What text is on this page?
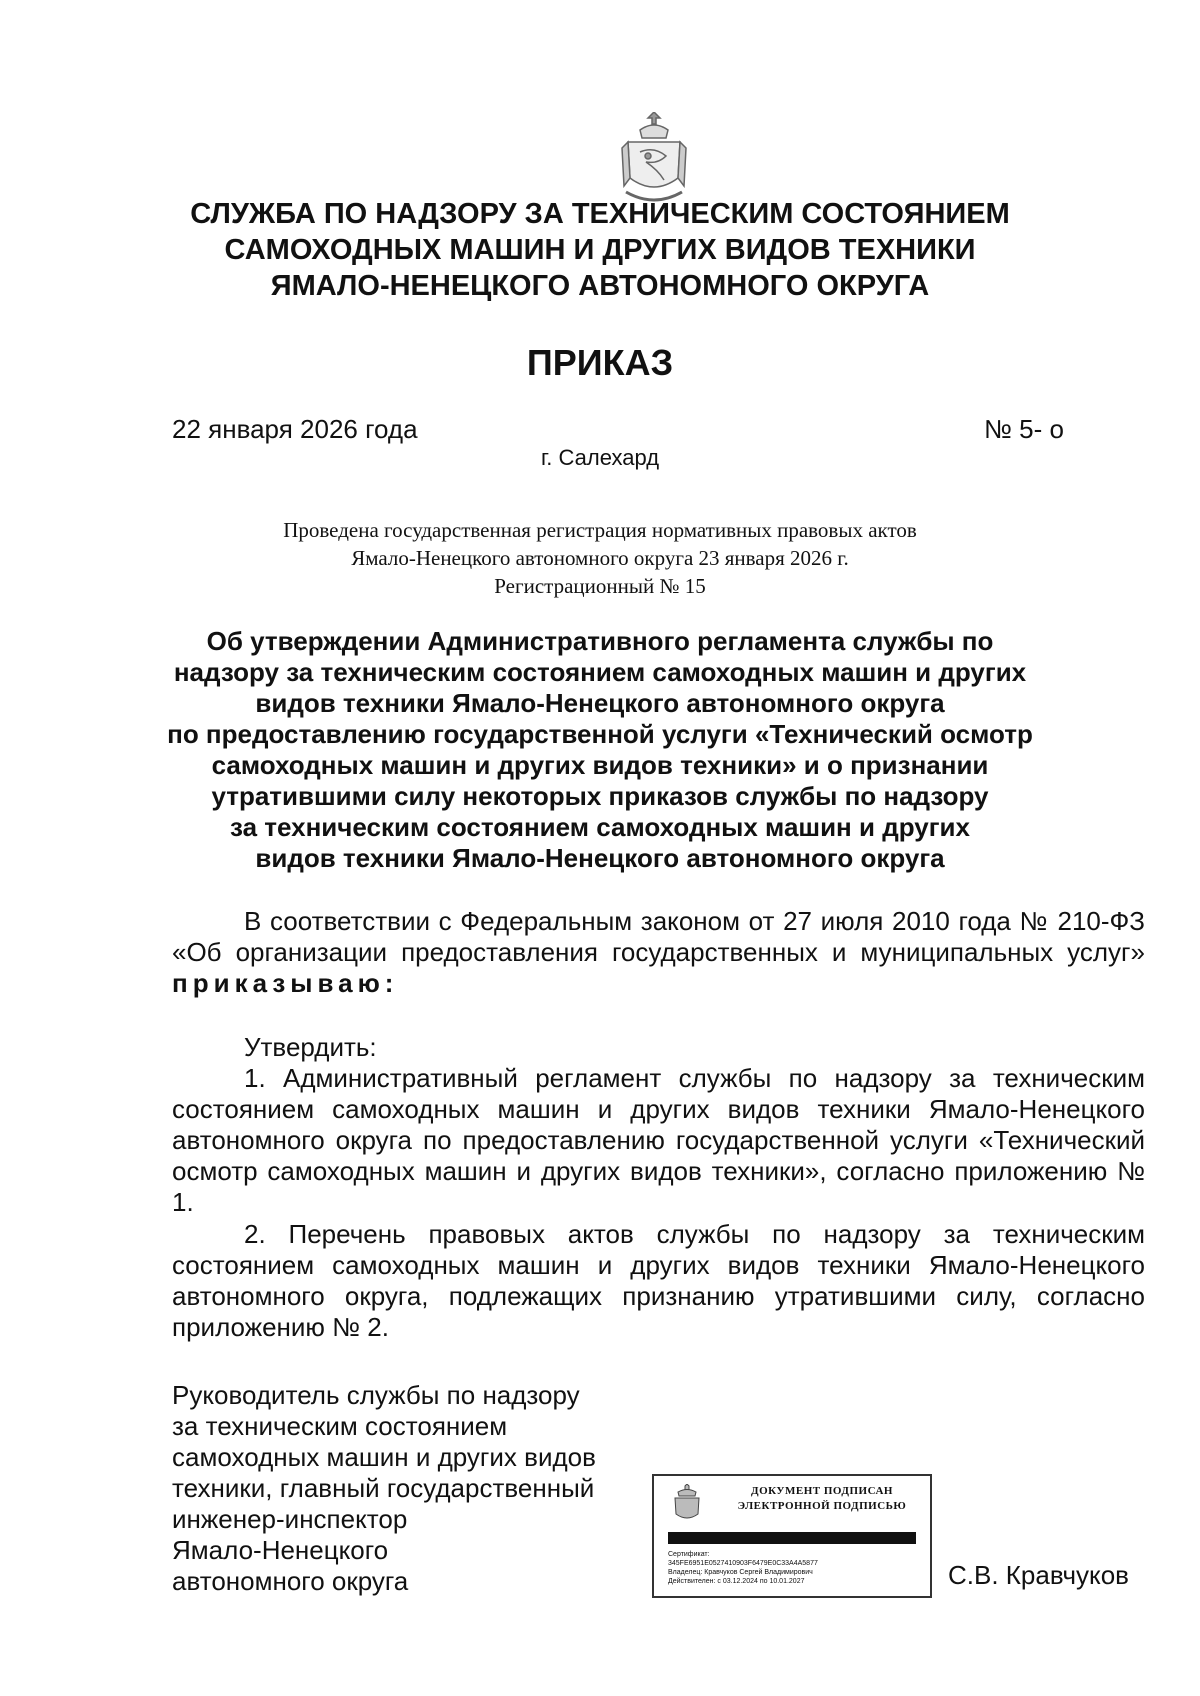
СЛУЖБА ПО НАДЗОРУ ЗА ТЕХНИЧЕСКИМ СОСТОЯНИЕМ
САМОХОДНЫХ МАШИН И ДРУГИХ ВИДОВ ТЕХНИКИ
ЯМАЛО-НЕНЕЦКОГО АВТОНОМНОГО ОКРУГА
ПРИКАЗ
22 января 2026 года	№ 5- о
г. Салехард
Проведена государственная регистрация нормативных правовых актов
Ямало-Ненецкого автономного округа 23 января 2026 г.
Регистрационный № 15
Об утверждении Административного регламента службы по
надзору за техническим состоянием самоходных машин и других
видов техники Ямало-Ненецкого автономного округа
по предоставлению государственной услуги «Технический осмотр
самоходных машин и других видов техники» и о признании
утратившими силу некоторых приказов службы по надзору
за техническим состоянием самоходных машин и других
видов техники Ямало-Ненецкого автономного округа
В соответствии с Федеральным законом от 27 июля 2010 года № 210-ФЗ «Об организации предоставления государственных и муниципальных услуг» приказываю:
Утвердить:
1. Административный регламент службы по надзору за техническим состоянием самоходных машин и других видов техники Ямало-Ненецкого автономного округа по предоставлению государственной услуги «Технический осмотр самоходных машин и других видов техники», согласно приложению № 1.
2. Перечень правовых актов службы по надзору за техническим состоянием самоходных машин и других видов техники Ямало-Ненецкого автономного округа, подлежащих признанию утратившими силу, согласно приложению № 2.
Руководитель службы по надзору
за техническим состоянием
самоходных машин и других видов
техники, главный государственный
инженер-инспектор
Ямало-Ненецкого
автономного округа
ДОКУМЕНТ ПОДПИСАН
ЭЛЕКТРОННОЙ ПОДПИСЬЮ
Сертификат:
345FE6951E0527410903F6479E0C33A4A5877
Владелец: Кравчуков Сергей Владимирович
Действителен: с 03.12.2024 по 10.01.2027	С.В. Кравчуков
